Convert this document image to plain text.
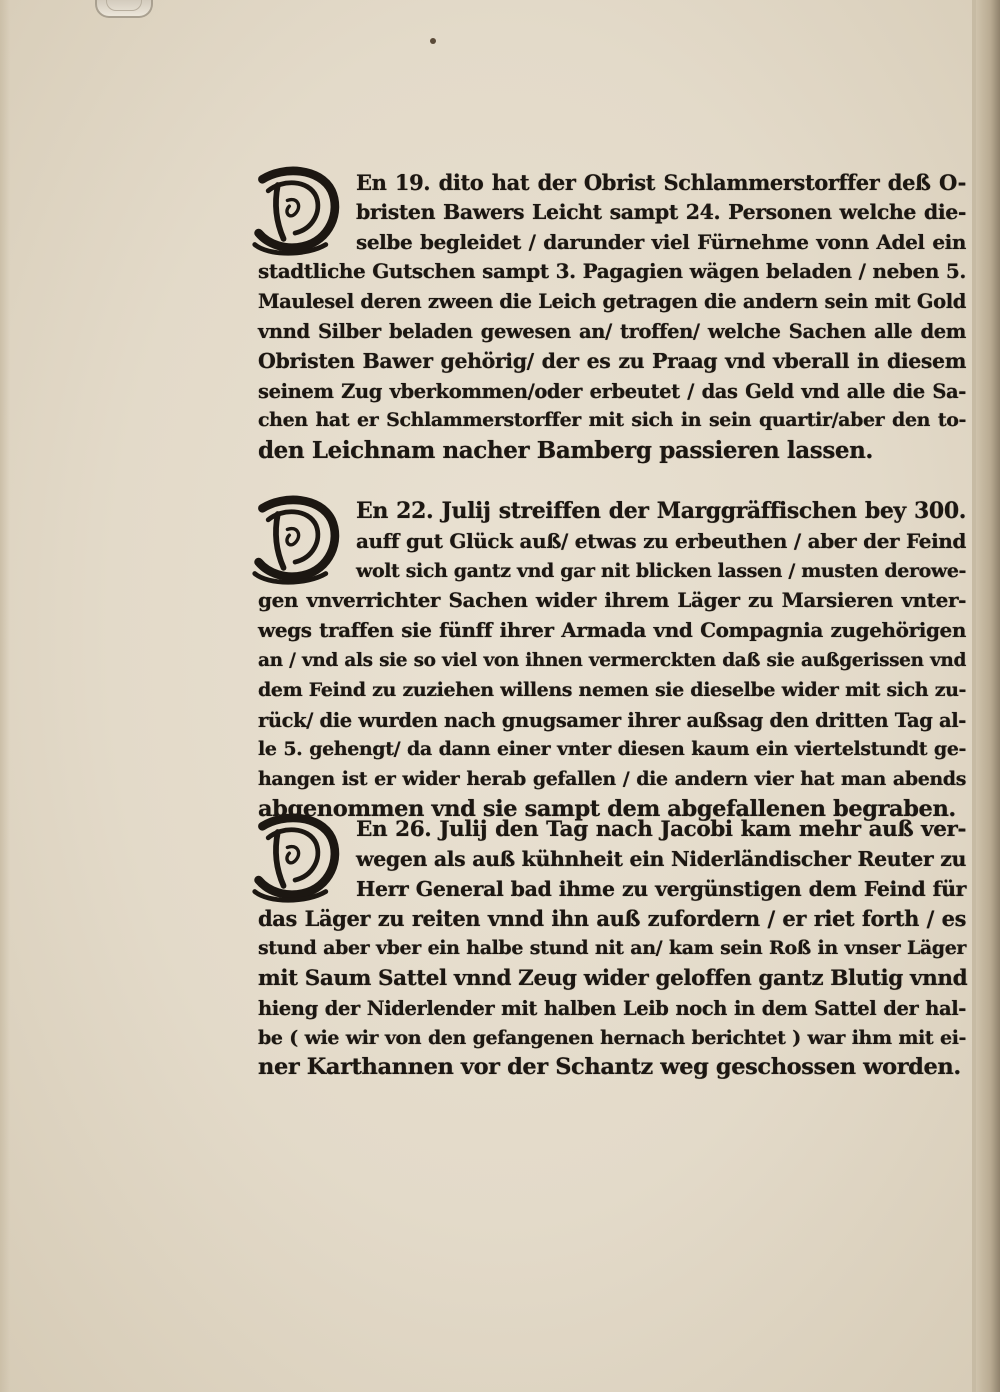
En 19. dito hat der Obrist Schlammerstorffer deß O-
bristen Bawers Leicht sampt 24. Personen welche die-
selbe begleidet / darunder viel Fürnehme vonn Adel ein
stadtliche Gutschen sampt 3. Pagagien wägen beladen / neben 5.
Maulesel deren zween die Leich getragen die andern sein mit Gold
vnnd Silber beladen gewesen an/ troffen/ welche Sachen alle dem
Obristen Bawer gehörig/ der es zu Praag vnd vberall in diesem
seinem Zug vberkommen/oder erbeutet / das Geld vnd alle die Sa-
chen hat er Schlammerstorffer mit sich in sein quartir/aber den to-
den Leichnam nacher Bamberg passieren lassen.
D
En 22. Julij streiffen der Marggräffischen bey 300.
auff gut Glück auß/ etwas zu erbeuthen / aber der Feind
wolt sich gantz vnd gar nit blicken lassen / musten derowe-
gen vnverrichter Sachen wider ihrem Läger zu Marsieren vnter-
wegs traffen sie fünff ihrer Armada vnd Compagnia zugehörigen
an / vnd als sie so viel von ihnen vermerckten daß sie außgerissen vnd
dem Feind zu zuziehen willens nemen sie dieselbe wider mit sich zu-
rück/ die wurden nach gnugsamer ihrer außsag den dritten Tag al-
le 5. gehengt/ da dann einer vnter diesen kaum ein viertelstundt ge-
hangen ist er wider herab gefallen / die andern vier hat man abends
abgenommen vnd sie sampt dem abgefallenen begraben.
D
En 26. Julij den Tag nach Jacobi kam mehr auß ver-
wegen als auß kühnheit ein Niderländischer Reuter zu
Herr General bad ihme zu vergünstigen dem Feind für
das Läger zu reiten vnnd ihn auß zufordern / er riet forth / es
stund aber vber ein halbe stund nit an/ kam sein Roß in vnser Läger
mit Saum Sattel vnnd Zeug wider geloffen gantz Blutig vnnd
hieng der Niderlender mit halben Leib noch in dem Sattel der hal-
be ( wie wir von den gefangenen hernach berichtet ) war ihm mit ei-
ner Karthannen vor der Schantz weg geschossen worden.
